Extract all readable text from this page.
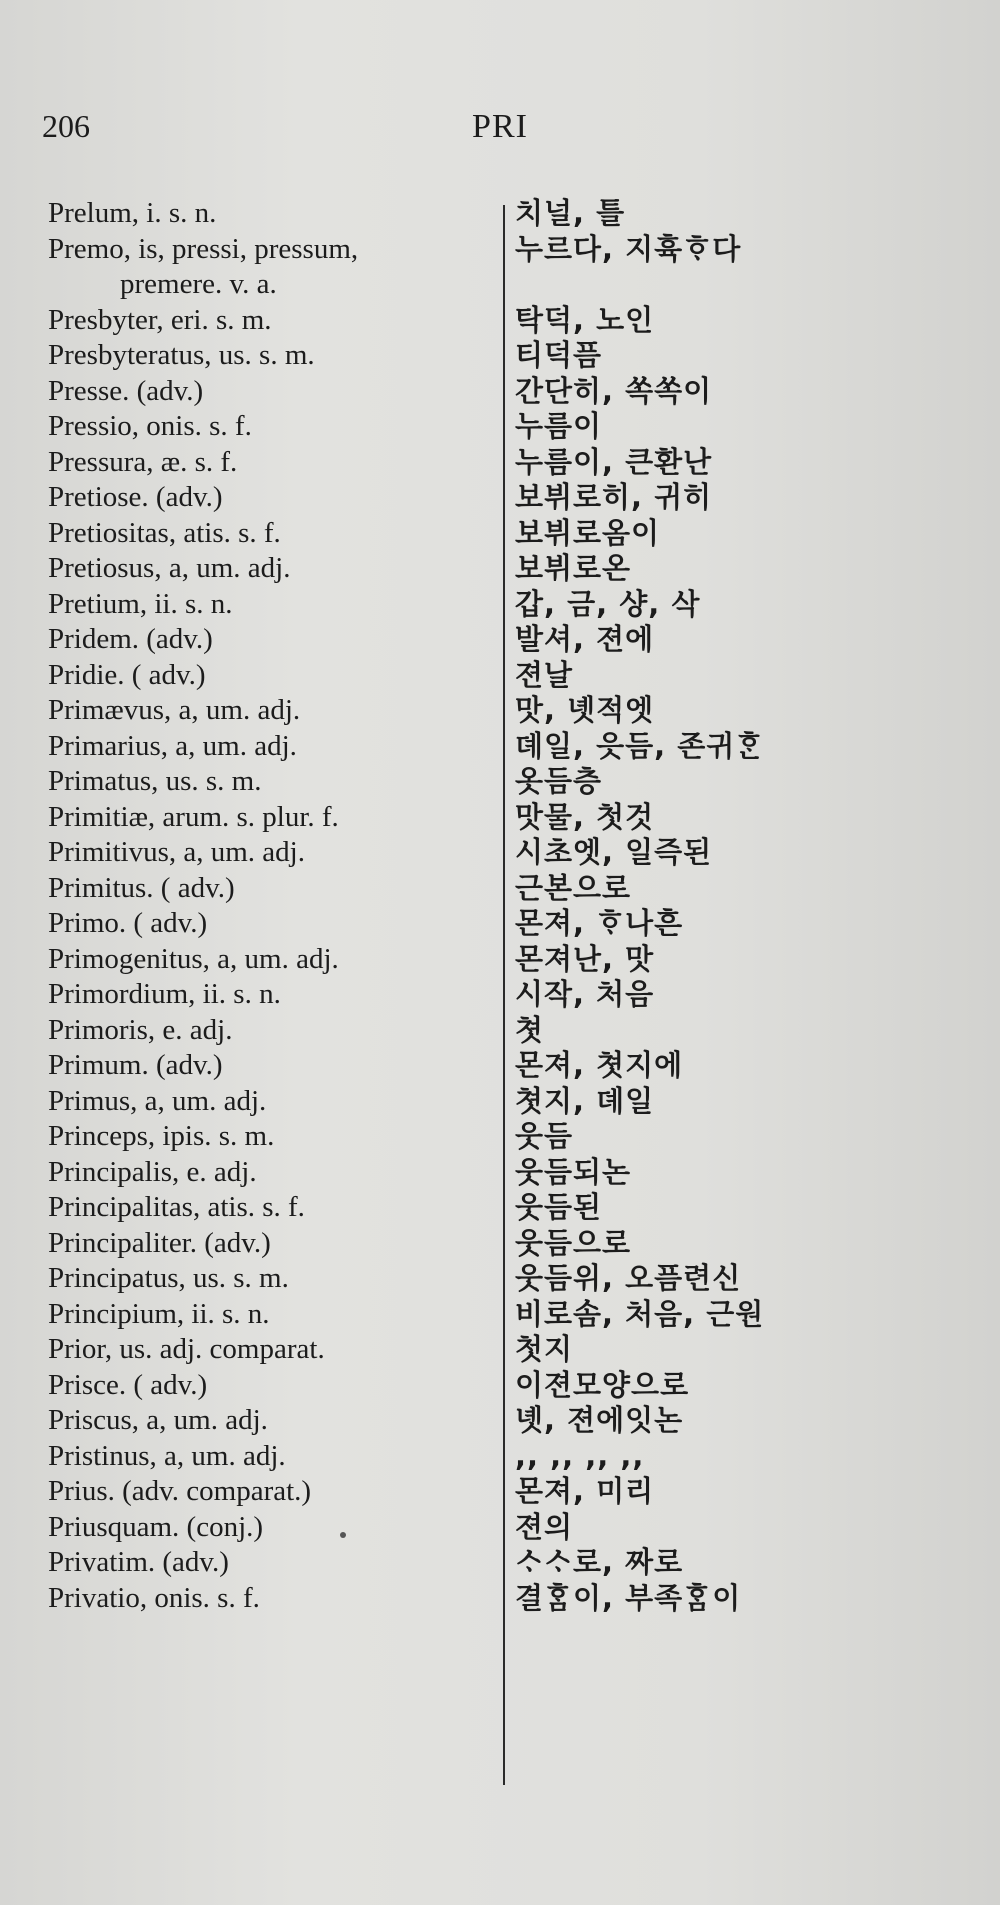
PRI
206
Prelum, i. s. n.
Premo, is, pressi, pressum,
premere. v. a.
Presbyter, eri. s. m.
Presbyteratus, us. s. m.
Presse. (adv.)
Pressio, onis. s. f.
Pressura, æ. s. f.
Pretiose. (adv.)
Pretiositas, atis. s. f.
Pretiosus, a, um. adj.
Pretium, ii. s. n.
Pridem. (adv.)
Pridie. ( adv.)
Primævus, a, um. adj.
Primarius, a, um. adj.
Primatus, us. s. m.
Primitiæ, arum. s. plur. f.
Primitivus, a, um. adj.
Primitus. ( adv.)
Primo. ( adv.)
Primogenitus, a, um. adj.
Primordium, ii. s. n.
Primoris, e. adj.
Primum. (adv.)
Primus, a, um. adj.
Princeps, ipis. s. m.
Principalis, e. adj.
Principalitas, atis. s. f.
Principaliter. (adv.)
Principatus, us. s. m.
Principium, ii. s. n.
Prior, us. adj. comparat.
Prisce. ( adv.)
Priscus, a, um. adj.
Pristinus, a, um. adj.
Prius. (adv. comparat.)
Priusquam. (conj.)
Privatim. (adv.)
Privatio, onis. s. f.
치널, 틀
누르다, 지휵ᄒᆞ다
탁덕, 노인
티덕픔
간단히, 쏙쏙이
누름이
누름이, 큰환난
보뷔로히, 귀히
보뷔로옴이
보뷔로온
갑, 금, 샹, 삭
발셔, 젼에
젼날
맛, 녯적엣
뎨일, 읏듬, 존귀ᄒᆞᆫ
옷듬층
맛물, 첫것
시초엣, 일즉된
근본으로
몬져, ᄒᆞ나흔
몬져난, 맛
시작, 처음
쳣
몬져, 쳣지에
쳣지, 뎨일
웃듬
웃듬되논
웃듬된
웃듬으로
웃듬위, 오픔련신
비로솜, 처음, 근원
첫지
이젼모양으로
녯, 젼에잇논
,, ,, ,, ,,
몬져, 미리
젼의
ᄉᆞᄉᆞ로, 짜로
결ᄒᆞᆷ이, 부족ᄒᆞᆷ이
